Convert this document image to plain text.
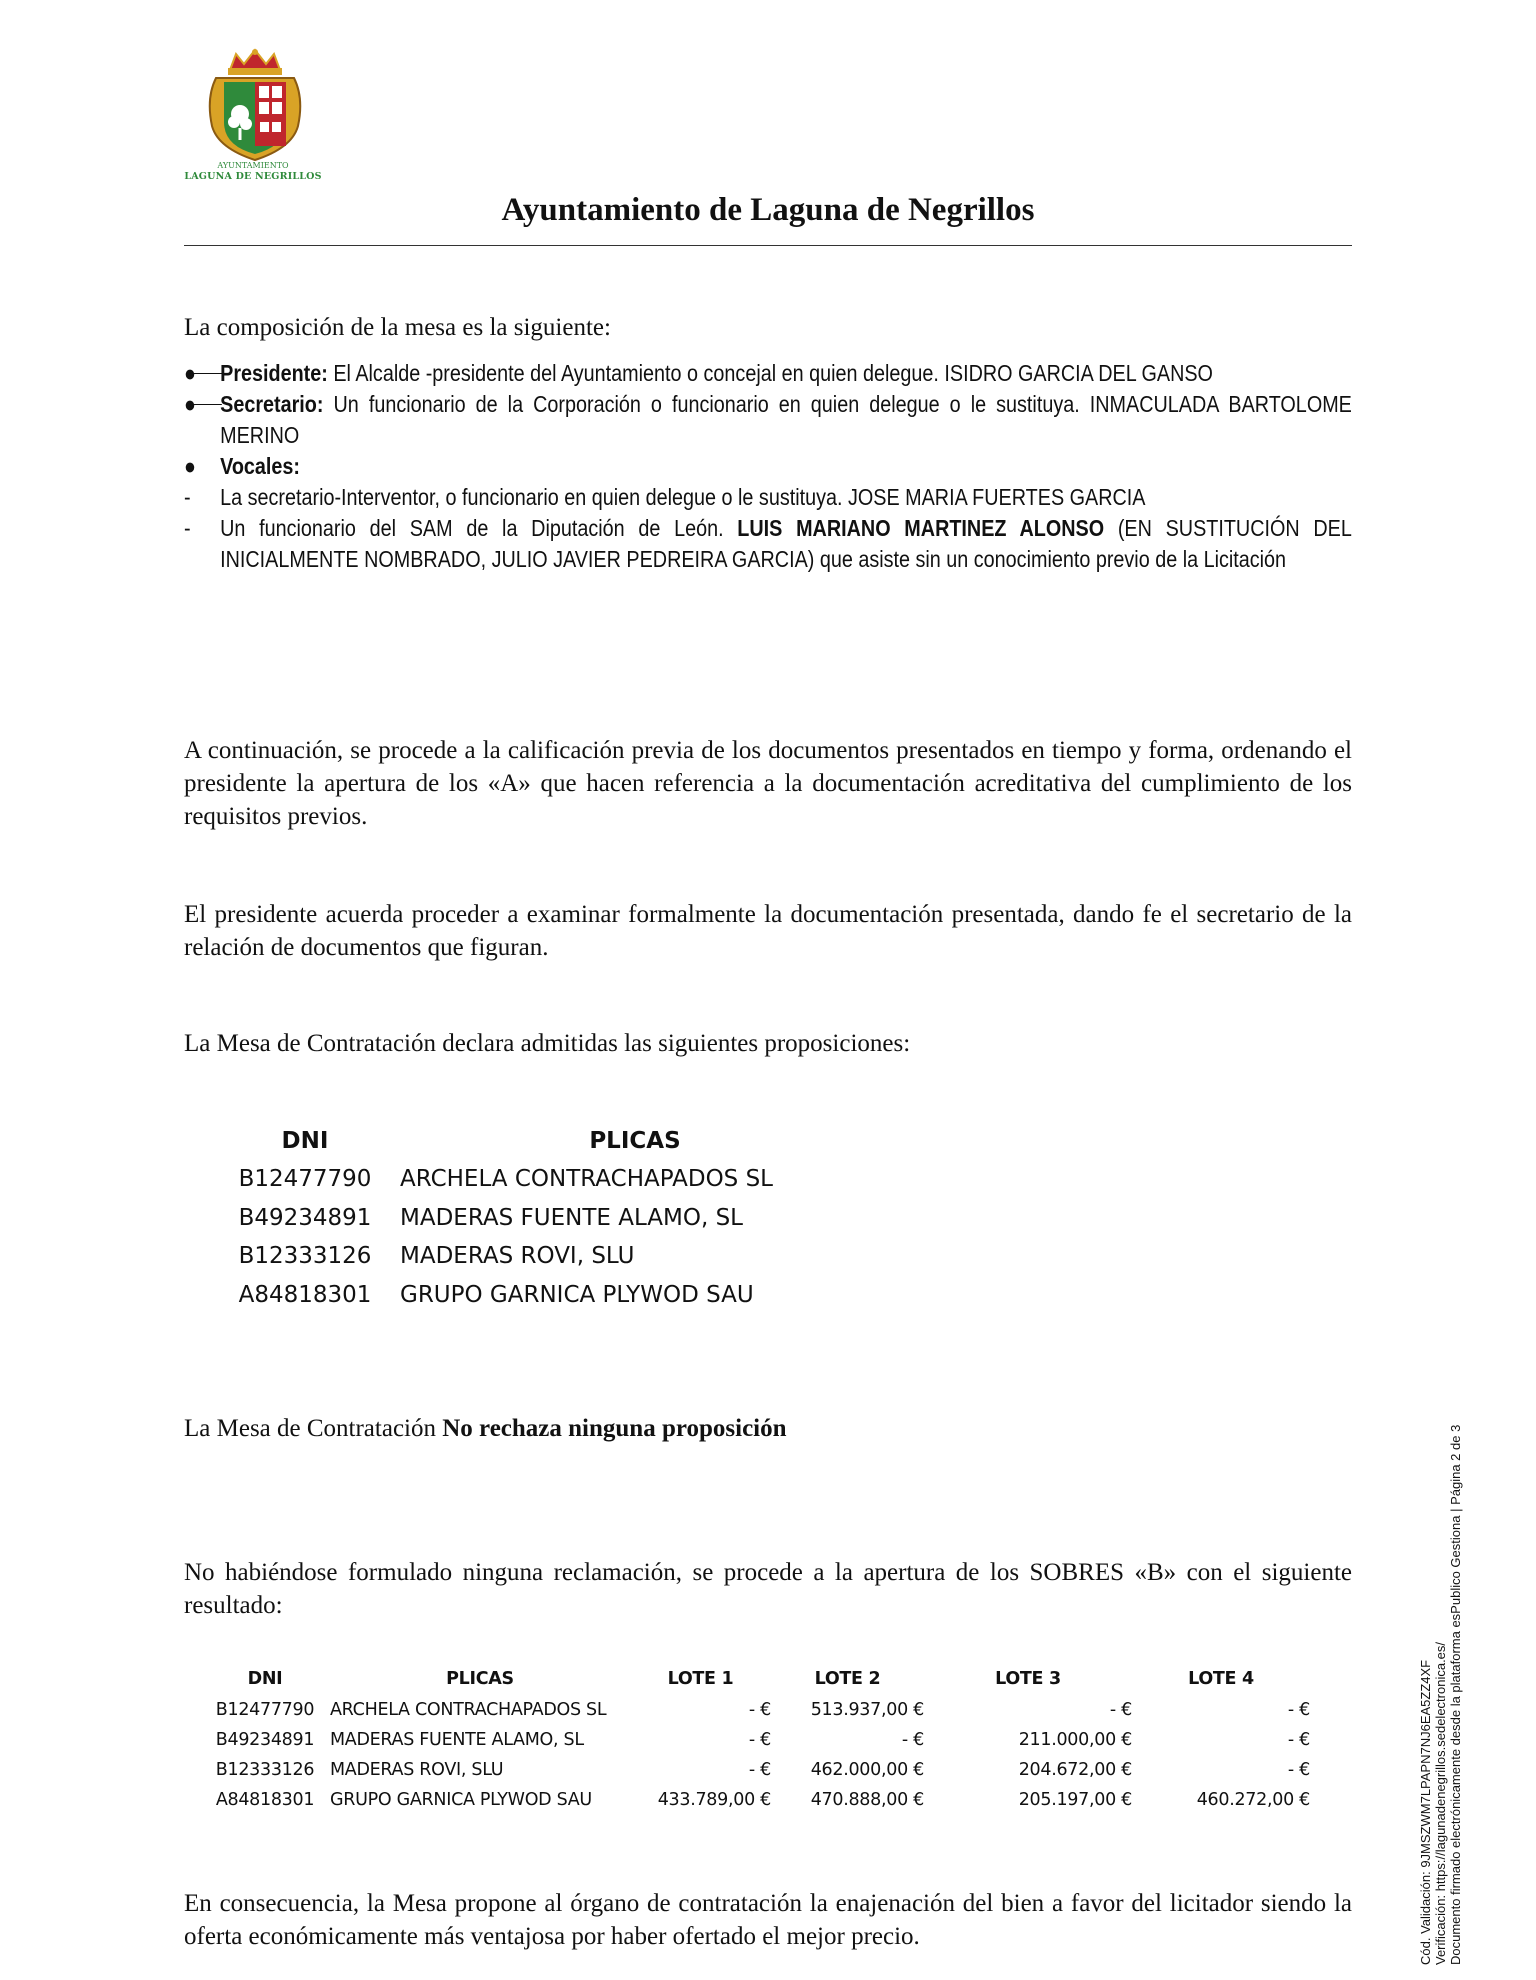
AYUNTAMIENTO
LAGUNA DE NEGRILLOS
Ayuntamiento de Laguna de Negrillos

La composición de la mesa es la siguiente:

● Presidente: El Alcalde -presidente del Ayuntamiento o concejal en quien delegue. ISIDRO GARCIA DEL GANSO
● Secretario: Un funcionario de la Corporación o funcionario en quien delegue o le sustituya. INMACULADA BARTOLOME MERINO
● Vocales:
- La secretario-Interventor, o funcionario en quien delegue o le sustituya. JOSE MARIA FUERTES GARCIA
- Un funcionario del SAM de la Diputación de León. LUIS MARIANO MARTINEZ ALONSO (EN SUSTITUCIÓN DEL INICIALMENTE NOMBRADO, JULIO JAVIER PEDREIRA GARCIA) que asiste sin un conocimiento previo de la Licitación

A continuación, se procede a la calificación previa de los documentos presentados en tiempo y forma, ordenando el presidente la apertura de los «A» que hacen referencia a la documentación acreditativa del cumplimiento de los requisitos previos.

El presidente acuerda proceder a examinar formalmente la documentación presentada, dando fe el secretario de la relación de documentos que figuran.

La Mesa de Contratación declara admitidas las siguientes proposiciones:

DNI	PLICAS
B12477790	ARCHELA CONTRACHAPADOS SL
B49234891	MADERAS FUENTE ALAMO, SL
B12333126	MADERAS ROVI, SLU
A84818301	GRUPO GARNICA PLYWOD SAU

La Mesa de Contratación No rechaza ninguna proposición

No habiéndose formulado ninguna reclamación, se procede a la apertura de los SOBRES «B» con el siguiente resultado:

DNI	PLICAS	LOTE 1	LOTE 2	LOTE 3	LOTE 4
B12477790	ARCHELA CONTRACHAPADOS SL	- €	513.937,00 €	- €	- €
B49234891	MADERAS FUENTE ALAMO, SL	- €	- €	211.000,00 €	- €
B12333126	MADERAS ROVI, SLU	- €	462.000,00 €	204.672,00 €	- €
A84818301	GRUPO GARNICA PLYWOD SAU	433.789,00 €	470.888,00 €	205.197,00 €	460.272,00 €

En consecuencia, la Mesa propone al órgano de contratación la enajenación del bien a favor del licitador siendo la oferta económicamente más ventajosa por haber ofertado el mejor precio.	Cód. Validación: 9JMSZWM7LPAPN7NJ6EA5ZZ4XF Verificación: https://lagunadenegrillos.sedelectronica.es/ Documento firmado electrónicamente desde la plataforma esPublico Gestiona | Página 2 de 3
